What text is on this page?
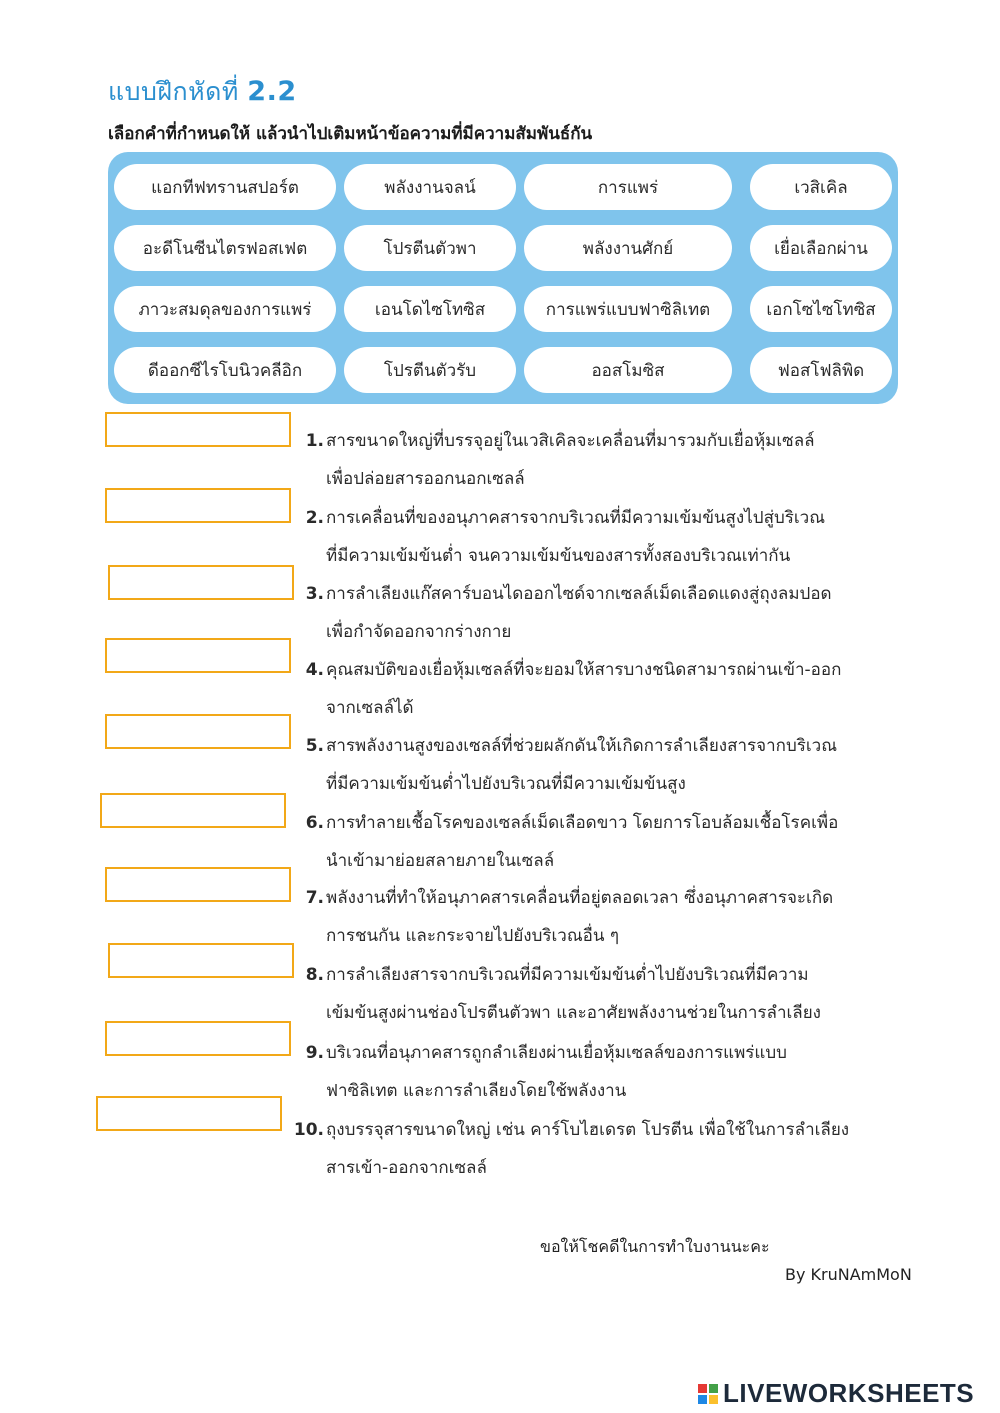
แบบฝึกหัดที่ 2.2
เลือกคำที่กำหนดให้ แล้วนำไปเติมหน้าข้อความที่มีความสัมพันธ์กัน
แอกทีฟทรานสปอร์ต	พลังงานจลน์	การแพร่	เวสิเคิล
อะดีโนซีนไตรฟอสเฟต	โปรตีนตัวพา	พลังงานศักย์	เยื่อเลือกผ่าน
ภาวะสมดุลของการแพร่	เอนโดไซโทซิส	การแพร่แบบฟาซิลิเทต	เอกโซไซโทซิส
ดีออกซีไรโบนิวคลีอิก	โปรตีนตัวรับ	ออสโมซิส	ฟอสโฟลิพิด
1. สารขนาดใหญ่ที่บรรจุอยู่ในเวสิเคิลจะเคลื่อนที่มารวมกับเยื่อหุ้มเซลล์
เพื่อปล่อยสารออกนอกเซลล์
2. การเคลื่อนที่ของอนุภาคสารจากบริเวณที่มีความเข้มข้นสูงไปสู่บริเวณ
ที่มีความเข้มข้นต่ำ จนความเข้มข้นของสารทั้งสองบริเวณเท่ากัน
3. การลำเลียงแก๊สคาร์บอนไดออกไซด์จากเซลล์เม็ดเลือดแดงสู่ถุงลมปอด
เพื่อกำจัดออกจากร่างกาย
4. คุณสมบัติของเยื่อหุ้มเซลล์ที่จะยอมให้สารบางชนิดสามารถผ่านเข้า-ออก
จากเซลล์ได้
5. สารพลังงานสูงของเซลล์ที่ช่วยผลักดันให้เกิดการลำเลียงสารจากบริเวณ
ที่มีความเข้มข้นต่ำไปยังบริเวณที่มีความเข้มข้นสูง
6. การทำลายเชื้อโรคของเซลล์เม็ดเลือดขาว โดยการโอบล้อมเชื้อโรคเพื่อ
นำเข้ามาย่อยสลายภายในเซลล์
7. พลังงานที่ทำให้อนุภาคสารเคลื่อนที่อยู่ตลอดเวลา ซึ่งอนุภาคสารจะเกิด
การชนกัน และกระจายไปยังบริเวณอื่น ๆ
8. การลำเลียงสารจากบริเวณที่มีความเข้มข้นต่ำไปยังบริเวณที่มีความ
เข้มข้นสูงผ่านช่องโปรตีนตัวพา และอาศัยพลังงานช่วยในการลำเลียง
9. บริเวณที่อนุภาคสารถูกลำเลียงผ่านเยื่อหุ้มเซลล์ของการแพร่แบบ
ฟาซิลิเทต และการลำเลียงโดยใช้พลังงาน
10. ถุงบรรจุสารขนาดใหญ่ เช่น คาร์โบไฮเดรต โปรตีน เพื่อใช้ในการลำเลียง
สารเข้า-ออกจากเซลล์
ขอให้โชคดีในการทำใบงานนะคะ
By KruNAmMoN
LIVEWORKSHEETS
